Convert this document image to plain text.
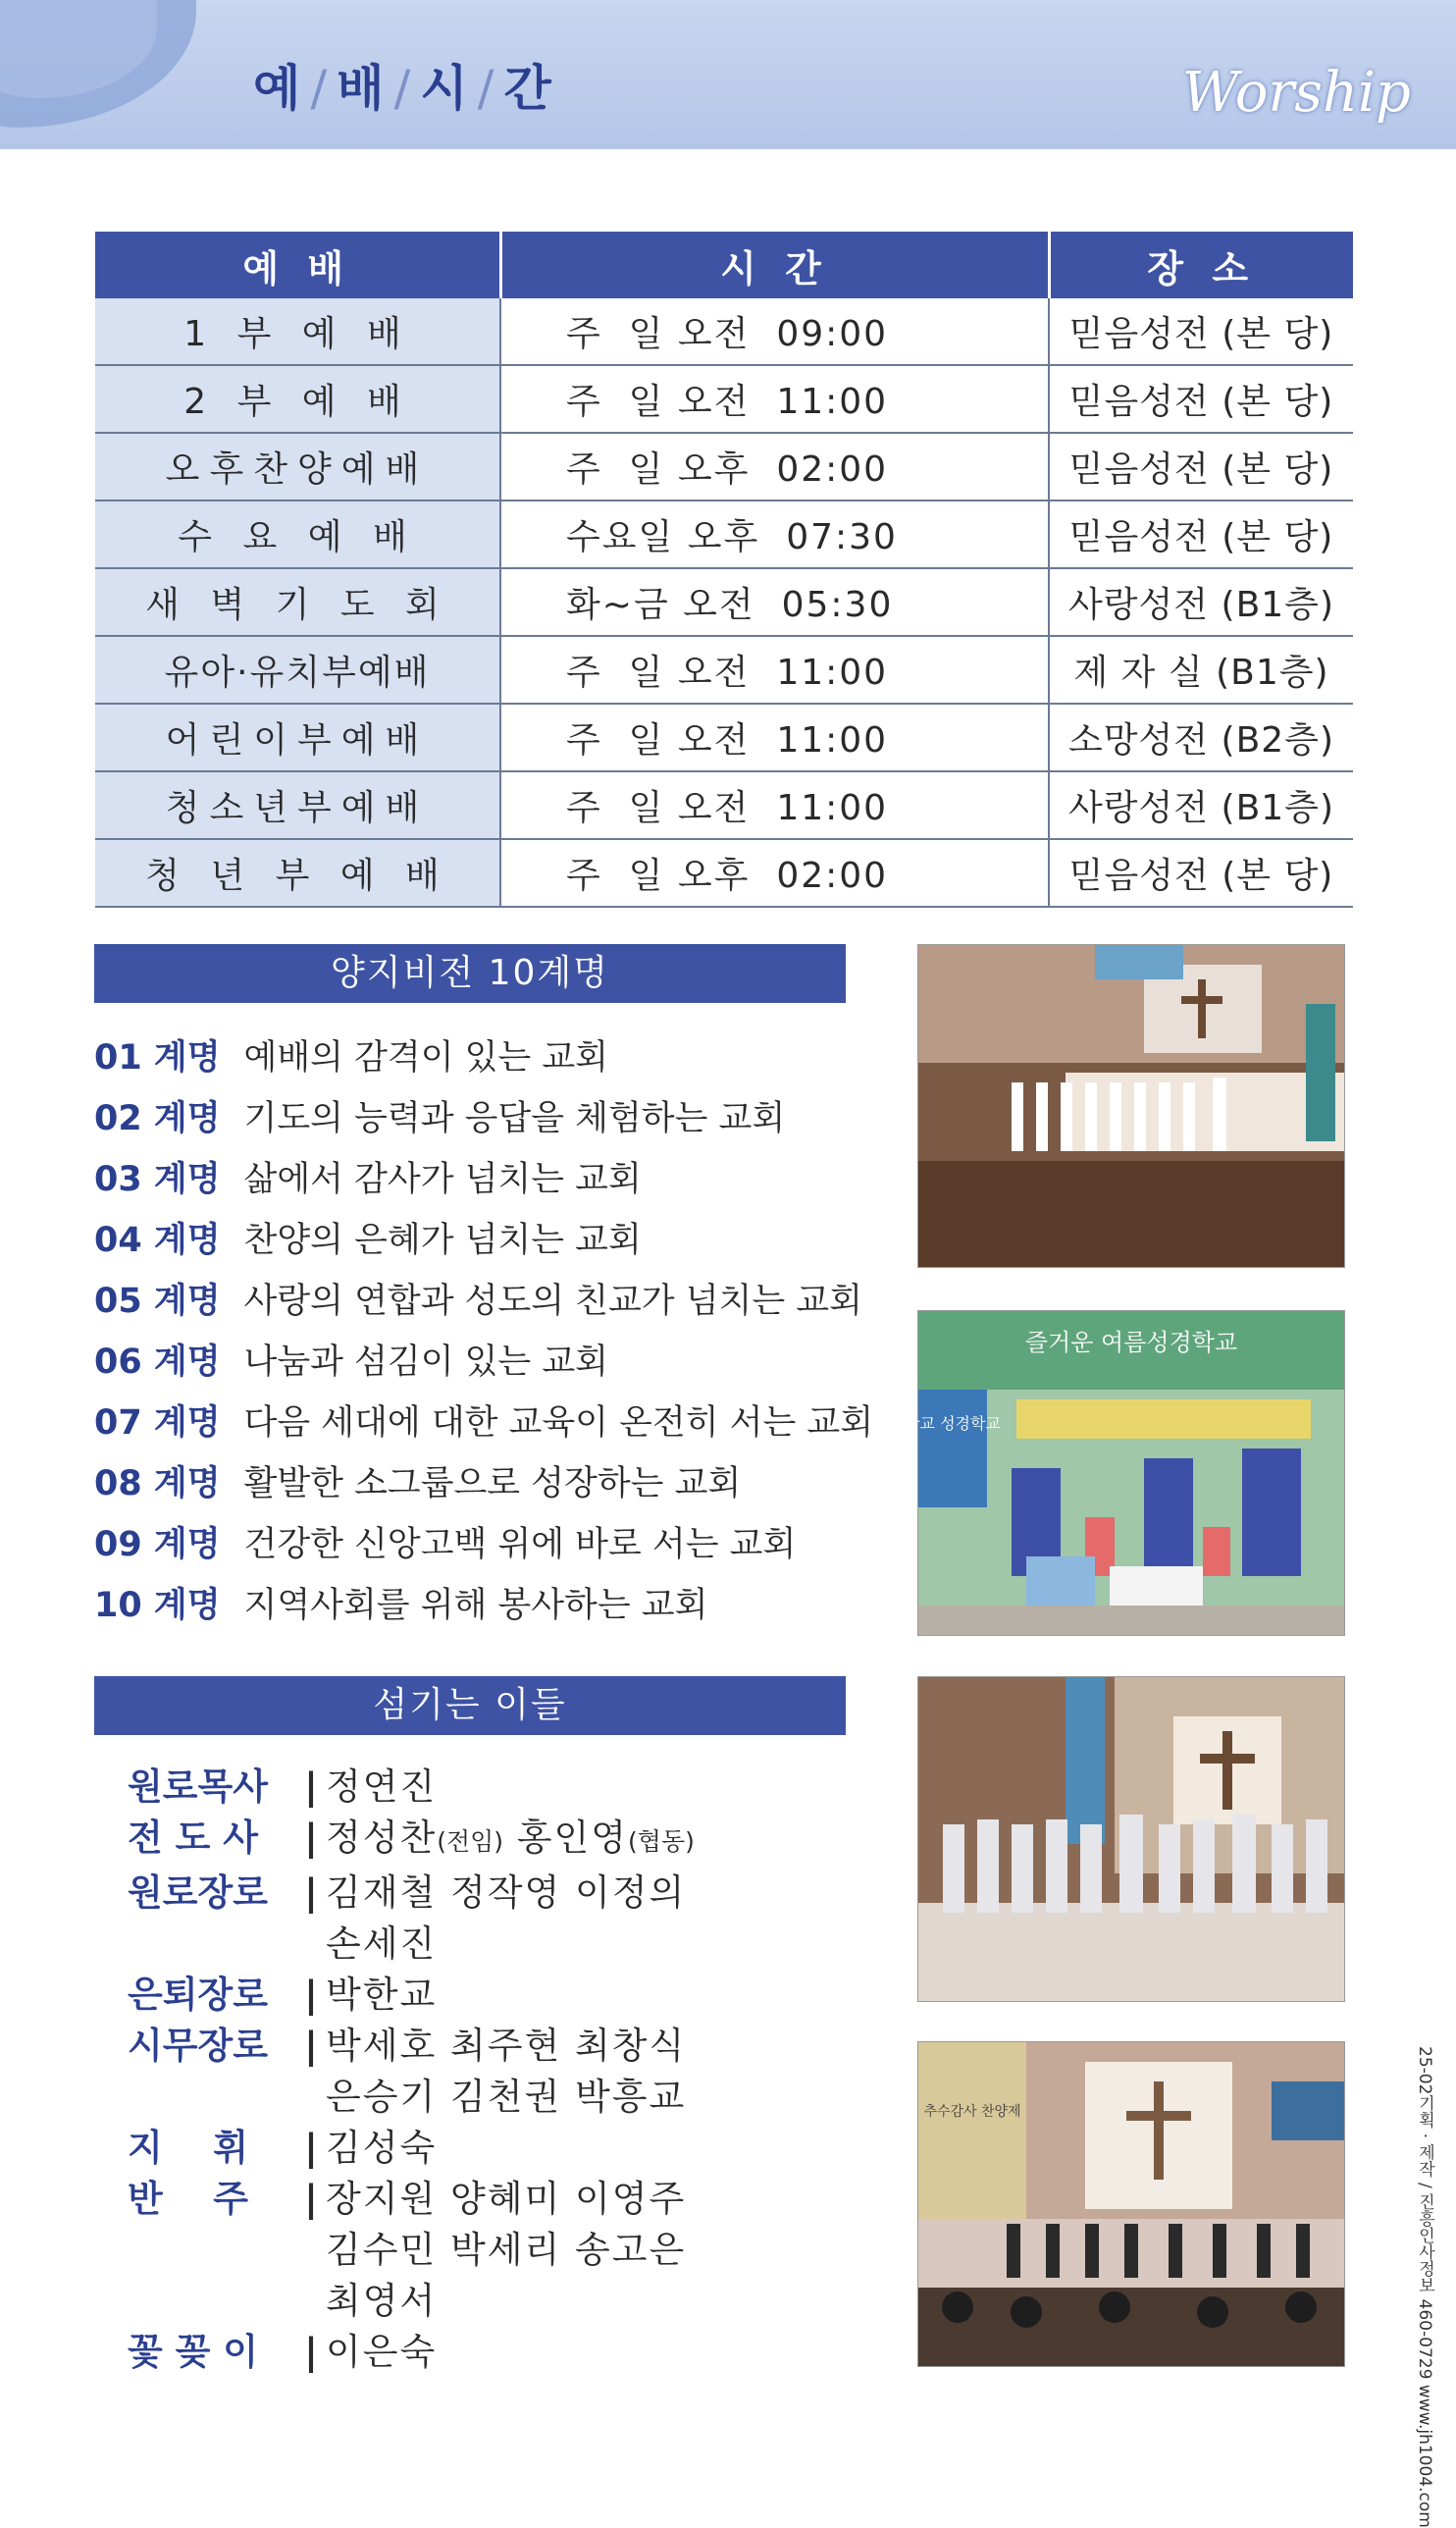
예/배/시/간	Worship
예 배	시 간	장 소
1 부 예 배	주  일 오전  09:00	믿음성전 (본 당)
2 부 예 배	주  일 오전  11:00	믿음성전 (본 당)
오후찬양예배	주  일 오후  02:00	믿음성전 (본 당)
수 요 예 배	수요일 오후  07:30	믿음성전 (본 당)
새 벽 기 도 회	화~금 오전  05:30	사랑성전 (B1층)
유아·유치부예배	주  일 오전  11:00	제 자 실 (B1층)
어린이부예배	주  일 오전  11:00	소망성전 (B2층)
청소년부예배	주  일 오전  11:00	사랑성전 (B1층)
청 년 부 예 배	주  일 오후  02:00	믿음성전 (본 당)
양지비전 10계명
01 계명 예배의 감격이 있는 교회
02 계명 기도의 능력과 응답을 체험하는 교회
03 계명 삶에서 감사가 넘치는 교회
04 계명 찬양의 은혜가 넘치는 교회
05 계명 사랑의 연합과 성도의 친교가 넘치는 교회
06 계명 나눔과 섬김이 있는 교회
07 계명 다음 세대에 대한 교육이 온전히 서는 교회
08 계명 활발한 소그룹으로 성장하는 교회
09 계명 건강한 신앙고백 위에 바로 서는 교회
10 계명 지역사회를 위해 봉사하는 교회
섬기는 이들
원로목사	| 정연진
전 도 사	| 정성찬(전임) 홍인영(협동)
원로장로	| 김재철 정작영 이정의
손세진
은퇴장로	| 박한교
시무장로	| 박세호 최주현 최창식
은승기 김천권 박흥교
지    휘	| 김성숙
반    주	| 장지원 양혜미 이영주
김수민 박세리 송고은
최영서
꽃 꽂 이	| 이은숙
즐거운 여름성경학교
학교 성경학교
추수감사 찬양제	25-02기획 · 제작 / 진흥인사정보 460-0729 www.jh1004.com
